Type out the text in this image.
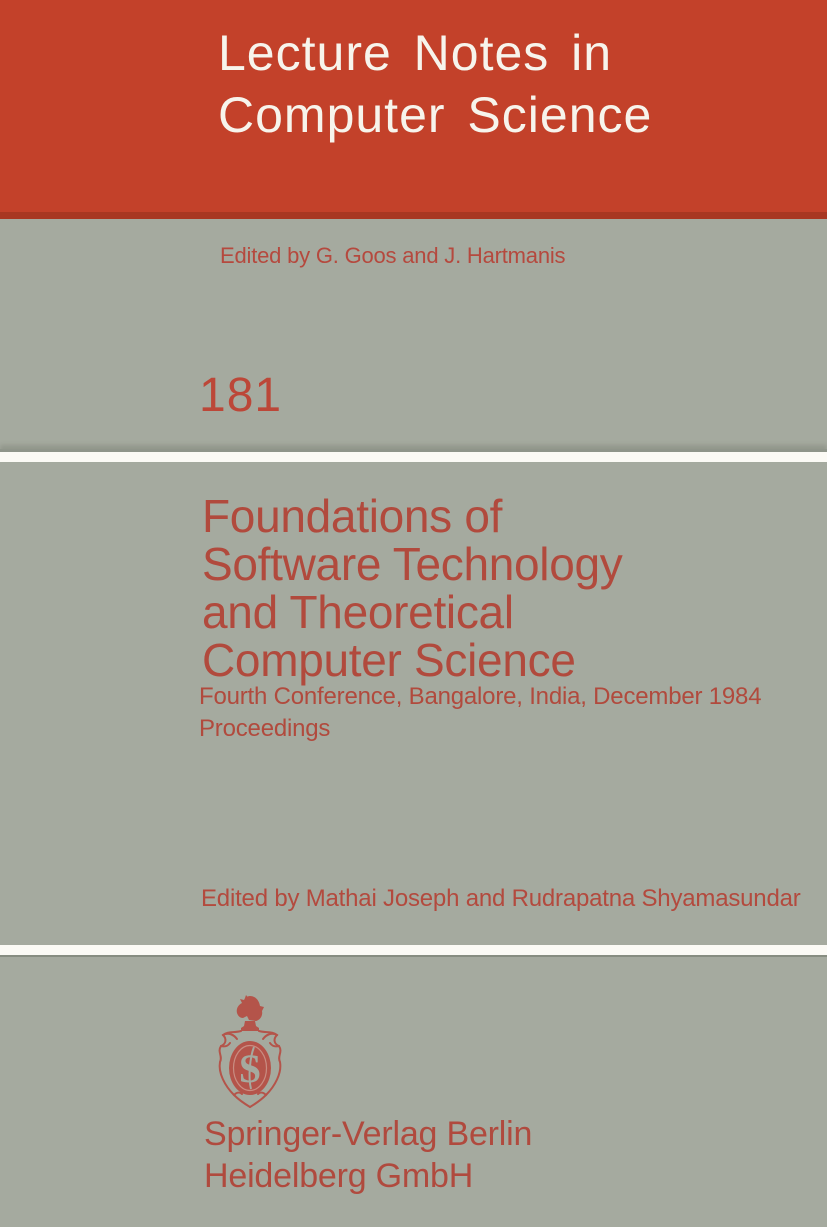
Lecture Notes in
Computer Science
Edited by G. Goos and J. Hartmanis
181
Foundations of
Software Technology
and Theoretical
Computer Science
Fourth Conference, Bangalore, India, December 1984
Proceedings
Edited by Mathai Joseph and Rudrapatna Shyamasundar
S
Springer-Verlag Berlin
Heidelberg GmbH
